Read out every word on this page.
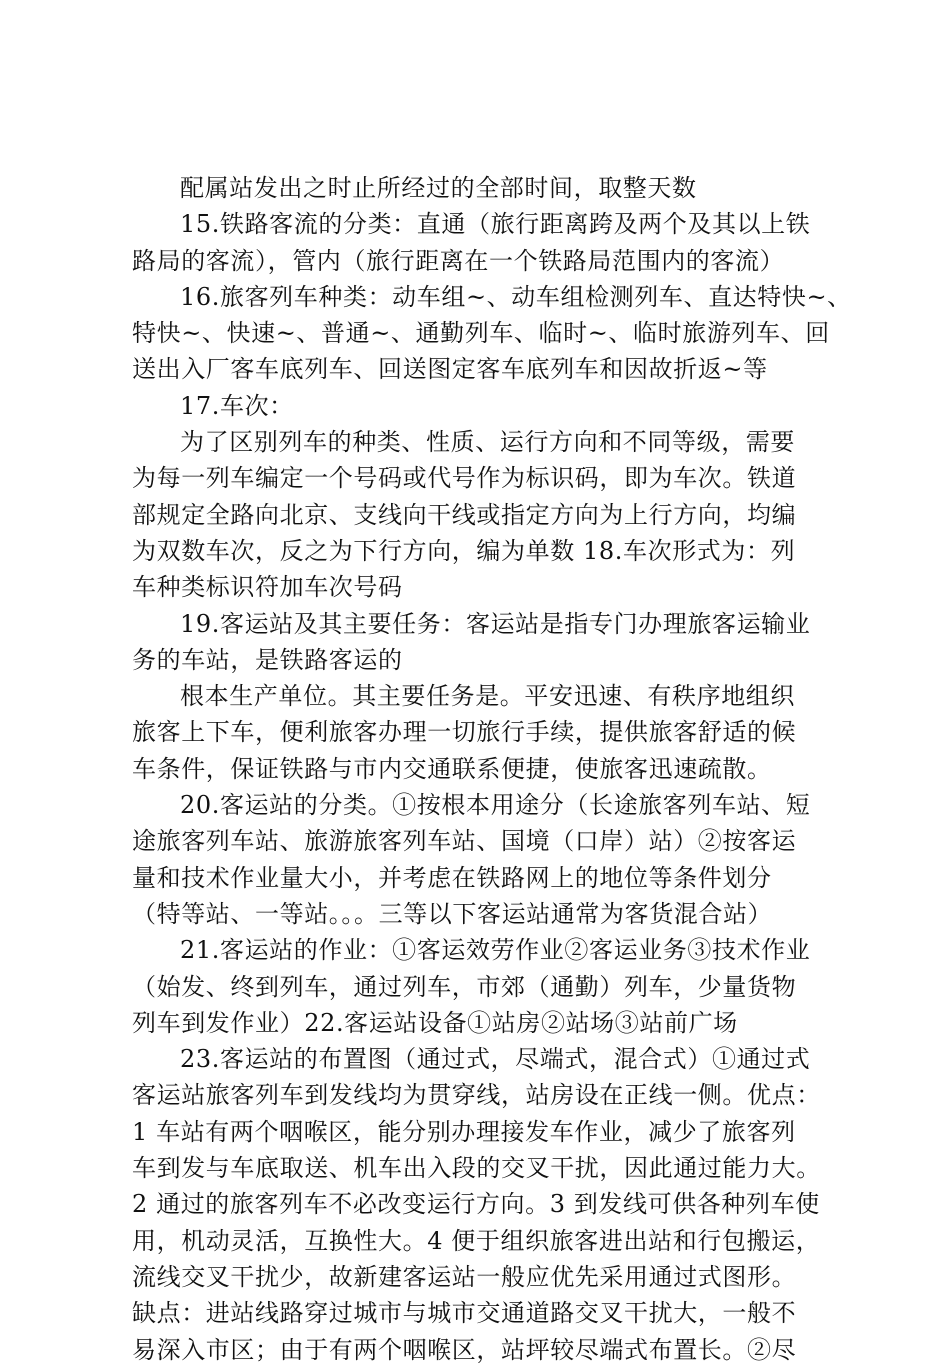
配属站发出之时止所经过的全部时间，取整天数
15.铁路客流的分类：直通（旅行距离跨及两个及其以上铁
路局的客流），管内（旅行距离在一个铁路局范围内的客流）
16.旅客列车种类：动车组~、动车组检测列车、直达特快~、
特快~、快速~、普通~、通勤列车、临时~、临时旅游列车、回
送出入厂客车底列车、回送图定客车底列车和因故折返~等
17.车次：
为了区别列车的种类、性质、运行方向和不同等级，需要
为每一列车编定一个号码或代号作为标识码，即为车次。铁道
部规定全路向北京、支线向干线或指定方向为上行方向，均编
为双数车次，反之为下行方向，编为单数 18.车次形式为：列
车种类标识符加车次号码
19.客运站及其主要任务：客运站是指专门办理旅客运输业
务的车站，是铁路客运的
根本生产单位。其主要任务是。平安迅速、有秩序地组织
旅客上下车，便利旅客办理一切旅行手续，提供旅客舒适的候
车条件，保证铁路与市内交通联系便捷，使旅客迅速疏散。
20.客运站的分类。①按根本用途分（长途旅客列车站、短
途旅客列车站、旅游旅客列车站、国境（口岸）站）②按客运
量和技术作业量大小，并考虑在铁路网上的地位等条件划分
（特等站、一等站。。。三等以下客运站通常为客货混合站）
21.客运站的作业：①客运效劳作业②客运业务③技术作业
（始发、终到列车，通过列车，市郊（通勤）列车，少量货物
列车到发作业）22.客运站设备①站房②站场③站前广场
23.客运站的布置图（通过式，尽端式，混合式）①通过式
客运站旅客列车到发线均为贯穿线，站房设在正线一侧。优点：
1 车站有两个咽喉区，能分别办理接发车作业，减少了旅客列
车到发与车底取送、机车出入段的交叉干扰，因此通过能力大。
2 通过的旅客列车不必改变运行方向。3 到发线可供各种列车使
用，机动灵活，互换性大。4 便于组织旅客进出站和行包搬运，
流线交叉干扰少，故新建客运站一般应优先采用通过式图形。
缺点：进站线路穿过城市与城市交通道路交叉干扰大，一般不
易深入市区；由于有两个咽喉区，站坪较尽端式布置长。②尽
